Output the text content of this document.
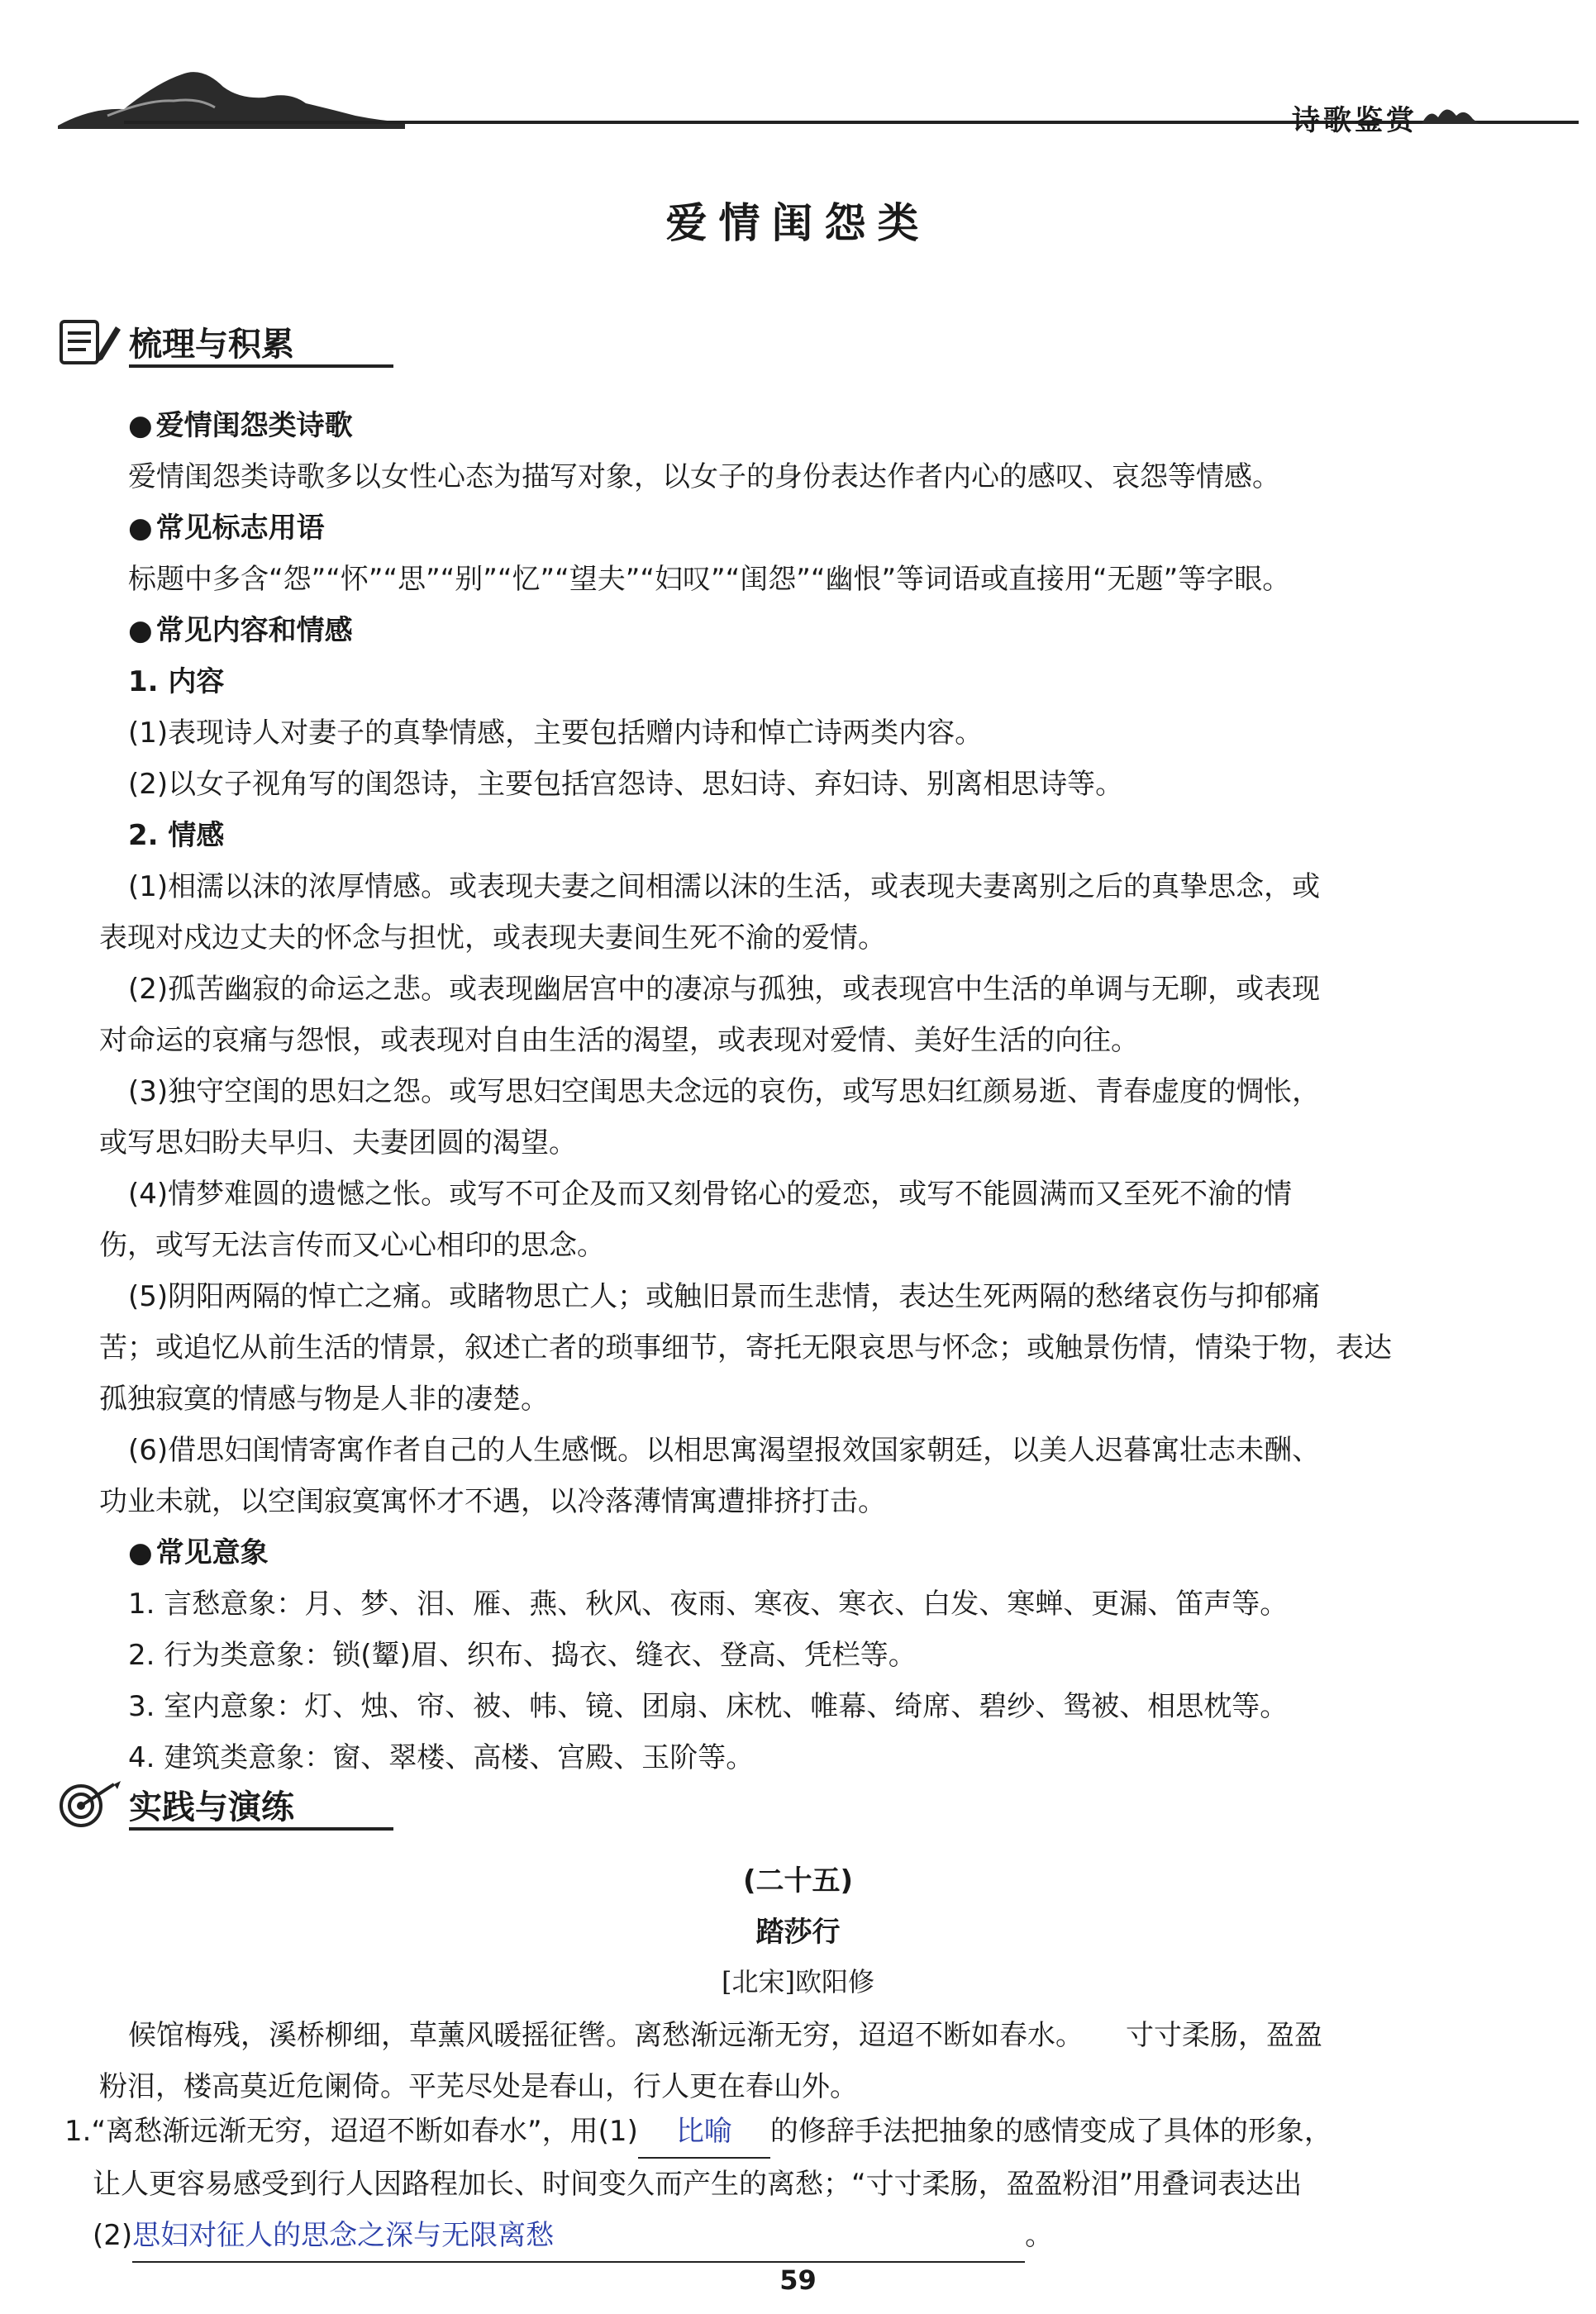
诗歌鉴赏
爱情闺怨类
梳理与积累
● 爱情闺怨类诗歌
爱情闺怨类诗歌多以女性心态为描写对象，以女子的身份表达作者内心的感叹、哀怨等情感。
● 常见标志用语
标题中多含“怨”“怀”“思”“别”“忆”“望夫”“妇叹”“闺怨”“幽恨”等词语或直接用“无题”等字眼。
● 常见内容和情感
1. 内容
(1)表现诗人对妻子的真挚情感，主要包括赠内诗和悼亡诗两类内容。
(2)以女子视角写的闺怨诗，主要包括宫怨诗、思妇诗、弃妇诗、别离相思诗等。
2. 情感
(1)相濡以沫的浓厚情感。或表现夫妻之间相濡以沫的生活，或表现夫妻离别之后的真挚思念，或
表现对戍边丈夫的怀念与担忧，或表现夫妻间生死不渝的爱情。
(2)孤苦幽寂的命运之悲。或表现幽居宫中的凄凉与孤独，或表现宫中生活的单调与无聊，或表现
对命运的哀痛与怨恨，或表现对自由生活的渴望，或表现对爱情、美好生活的向往。
(3)独守空闺的思妇之怨。或写思妇空闺思夫念远的哀伤，或写思妇红颜易逝、青春虚度的惆怅，
或写思妇盼夫早归、夫妻团圆的渴望。
(4)情梦难圆的遗憾之怅。或写不可企及而又刻骨铭心的爱恋，或写不能圆满而又至死不渝的情
伤，或写无法言传而又心心相印的思念。
(5)阴阳两隔的悼亡之痛。或睹物思亡人；或触旧景而生悲情，表达生死两隔的愁绪哀伤与抑郁痛
苦；或追忆从前生活的情景，叙述亡者的琐事细节，寄托无限哀思与怀念；或触景伤情，情染于物，表达
孤独寂寞的情感与物是人非的凄楚。
(6)借思妇闺情寄寓作者自己的人生感慨。以相思寓渴望报效国家朝廷，以美人迟暮寓壮志未酬、
功业未就，以空闺寂寞寓怀才不遇，以冷落薄情寓遭排挤打击。
● 常见意象
1. 言愁意象：月、梦、泪、雁、燕、秋风、夜雨、寒夜、寒衣、白发、寒蝉、更漏、笛声等。
2. 行为类意象：锁(颦)眉、织布、捣衣、缝衣、登高、凭栏等。
3. 室内意象：灯、烛、帘、被、帏、镜、团扇、床枕、帷幕、绮席、碧纱、鸳被、相思枕等。
4. 建筑类意象：窗、翠楼、高楼、宫殿、玉阶等。
实践与演练
(二十五)
踏莎行
[北宋]欧阳修
候馆梅残，溪桥柳细，草薰风暖摇征辔。离愁渐远渐无穷，迢迢不断如春水。　　寸寸柔肠，盈盈
粉泪，楼高莫近危阑倚。平芜尽处是春山，行人更在春山外。
1.“离愁渐远渐无穷，迢迢不断如春水”，用(1) 比喻 的修辞手法把抽象的感情变成了具体的形象，
让人更容易感受到行人因路程加长、时间变久而产生的离愁；“寸寸柔肠，盈盈粉泪”用叠词表达出
(2)思妇对征人的思念之深与无限离愁	。
59
